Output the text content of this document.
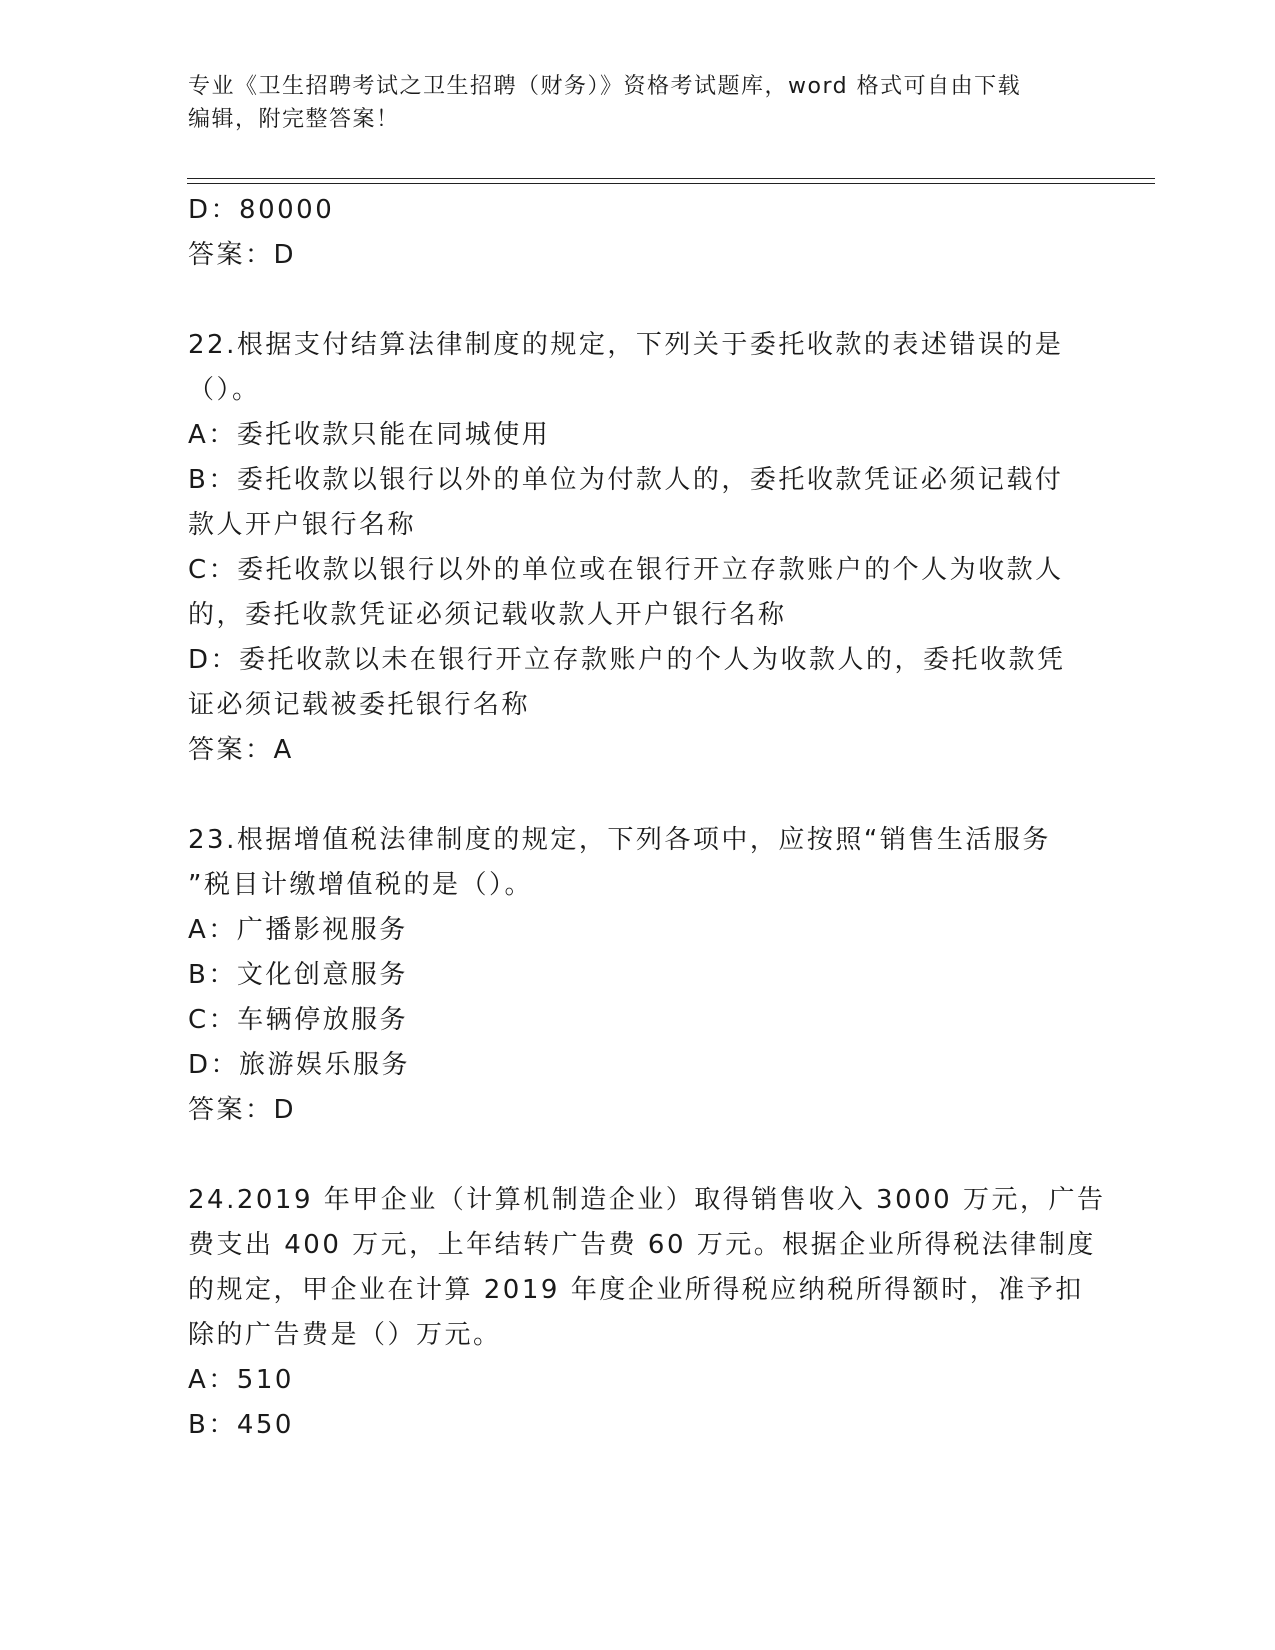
专业《卫生招聘考试之卫生招聘（财务）》资格考试题库，word 格式可自由下载
编辑，附完整答案！
D：80000
答案：D
22.根据支付结算法律制度的规定，下列关于委托收款的表述错误的是
（）。
A：委托收款只能在同城使用
B：委托收款以银行以外的单位为付款人的，委托收款凭证必须记载付
款人开户银行名称
C：委托收款以银行以外的单位或在银行开立存款账户的个人为收款人
的，委托收款凭证必须记载收款人开户银行名称
D：委托收款以未在银行开立存款账户的个人为收款人的，委托收款凭
证必须记载被委托银行名称
答案：A
23.根据增值税法律制度的规定，下列各项中，应按照“销售生活服务
”税目计缴增值税的是（）。
A：广播影视服务
B：文化创意服务
C：车辆停放服务
D：旅游娱乐服务
答案：D
24.2019 年甲企业（计算机制造企业）取得销售收入 3000 万元，广告
费支出 400 万元，上年结转广告费 60 万元。根据企业所得税法律制度
的规定，甲企业在计算 2019 年度企业所得税应纳税所得额时，准予扣
除的广告费是（）万元。
A：510
B：450
